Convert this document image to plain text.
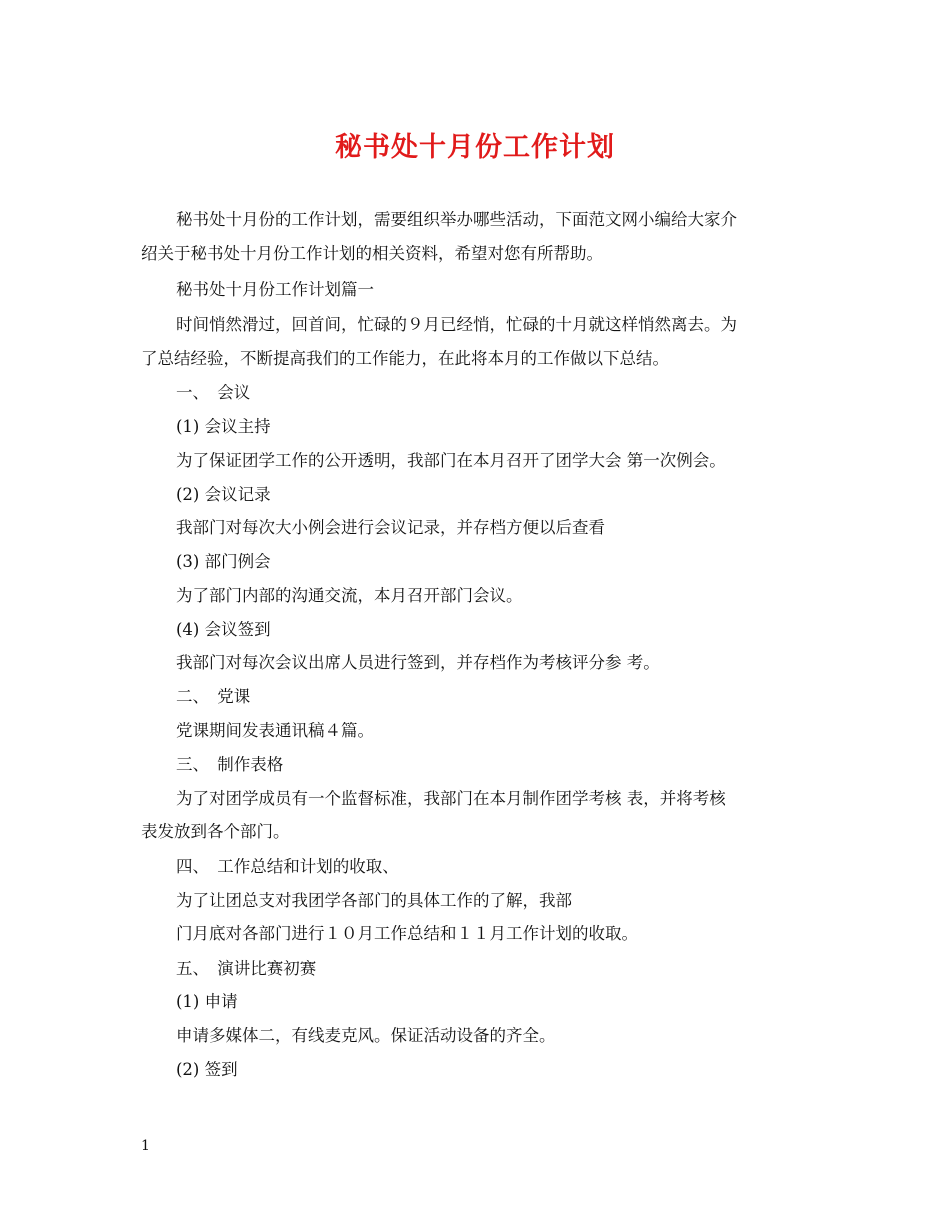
秘书处十月份工作计划
秘书处十月份的工作计划，需要组织举办哪些活动，下面范文网小编给大家介
绍关于秘书处十月份工作计划的相关资料，希望对您有所帮助。
秘书处十月份工作计划篇一
时间悄然滑过，回首间，忙碌的９月已经悄，忙碌的十月就这样悄然离去。为
了总结经验，不断提高我们的工作能力，在此将本月的工作做以下总结。
一、　会议
(1) 会议主持
为了保证团学工作的公开透明，我部门在本月召开了团学大会 第一次例会。
(2) 会议记录
我部门对每次大小例会进行会议记录，并存档方便以后查看
(3) 部门例会
为了部门内部的沟通交流，本月召开部门会议。
(4) 会议签到
我部门对每次会议出席人员进行签到，并存档作为考核评分参 考。
二、　党课
党课期间发表通讯稿４篇。
三、　制作表格
为了对团学成员有一个监督标准，我部门在本月制作团学考核 表，并将考核
表发放到各个部门。
四、　工作总结和计划的收取、
为了让团总支对我团学各部门的具体工作的了解，我部
门月底对各部门进行１０月工作总结和１１月工作计划的收取。
五、　演讲比赛初赛
(1) 申请
申请多媒体二，有线麦克风。保证活动设备的齐全。
(2) 签到
1
